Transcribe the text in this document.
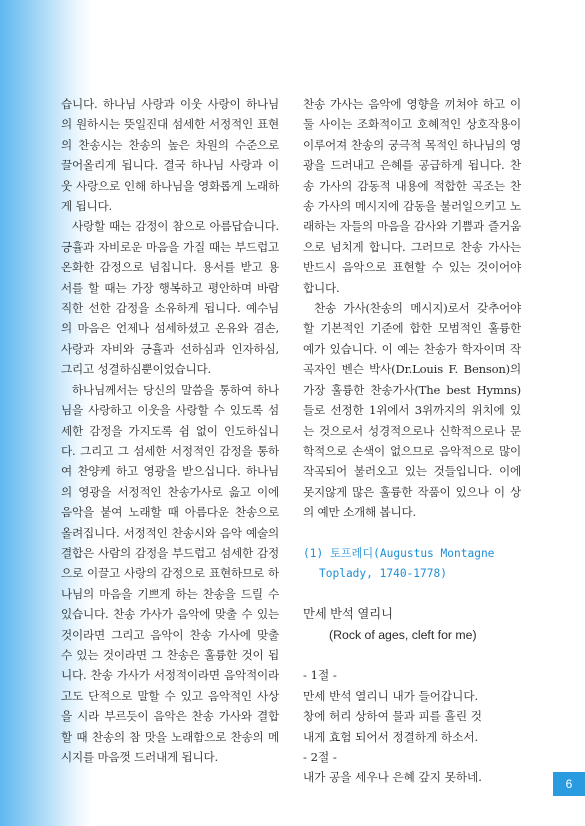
습니다. 하나님 사랑과 이웃 사랑이 하나님의 원하시는 뜻일진대 섬세한 서정적인 표현의 찬송시는 찬송의 높은 차원의 수준으로 끌어올리게 됩니다. 결국 하나님 사랑과 이웃 사랑으로 인해 하나님을 영화롭게 노래하게 됩니다.

사랑할 때는 감정이 참으로 아름답습니다. 긍휼과 자비로운 마음을 가질 때는 부드럽고 온화한 감정으로 넘칩니다. 용서를 받고 용서를 할 때는 가장 행복하고 평안하며 바람직한 선한 감정을 소유하게 됩니다. 예수님의 마음은 언제나 섬세하셨고 온유와 겸손, 사랑과 자비와 긍휼과 선하심과 인자하심, 그리고 성결하심뿐이었습니다.

하나님께서는 당신의 말씀을 통하여 하나님을 사랑하고 이웃을 사랑할 수 있도록 섬세한 감정을 가지도록 쉼 없이 인도하십니다. 그리고 그 섬세한 서정적인 감정을 통하여 찬양케 하고 영광을 받으십니다. 하나님의 영광을 서정적인 찬송가사로 읊고 이에 음악을 붙여 노래할 때 아름다운 찬송으로 올려집니다. 서정적인 찬송시와 음악 예술의 결합은 사람의 감정을 부드럽고 섬세한 감정으로 이끌고 사랑의 감정으로 표현하므로 하나님의 마음을 기쁘게 하는 찬송을 드릴 수 있습니다. 찬송 가사가 음악에 맞출 수 있는 것이라면 그리고 음악이 찬송 가사에 맞출 수 있는 것이라면 그 찬송은 훌륭한 것이 됩니다. 찬송 가사가 서정적이라면 음악적이라고도 단적으로 말할 수 있고 음악적인 사상을 시라 부르듯이 음악은 찬송 가사와 결합할 때 찬송의 참 맛을 노래함으로 찬송의 메시지를 마음껏 드러내게 됩니다.

찬송 가사는 음악에 영향을 끼쳐야 하고 이 둘 사이는 조화적이고 호혜적인 상호작용이 이루어져 찬송의 궁극적 목적인 하나님의 영광을 드러내고 은혜를 공급하게 됩니다. 찬송 가사의 감동적 내용에 적합한 곡조는 찬송 가사의 메시지에 감동을 불러일으키고 노래하는 자들의 마음을 감사와 기쁨과 즐거움으로 넘치게 합니다. 그러므로 찬송 가사는 반드시 음악으로 표현할 수 있는 것이어야 합니다.

찬송 가사(찬송의 메시지)로서 갖추어야 할 기본적인 기준에 합한 모범적인 훌륭한 예가 있습니다. 이 예는 찬송가 학자이며 작곡자인 벤슨 박사(Dr.Louis F. Benson)의 가장 훌륭한 찬송가사(The best Hymns)들로 선정한 1위에서 3위까지의 위치에 있는 것으로서 성경적으로나 신학적으로나 문학적으로 손색이 없으므로 음악적으로 많이 작곡되어 불러오고 있는 것들입니다. 이에 못지않게 많은 훌륭한 작품이 있으나 이 상의 예만 소개해 봅니다.

(1) 토프레디(Augustus Montagne
Toplady, 1740-1778)

만세 반석 열리니
(Rock of ages, cleft for me)

- 1절 -
만세 반석 열리니 내가 들어갑니다.
창에 허리 상하여 물과 피를 흘린 것
내게 효험 되어서 정결하게 하소서.
- 2절 -
내가 공을 세우나 은혜 갚지 못하네.	6
